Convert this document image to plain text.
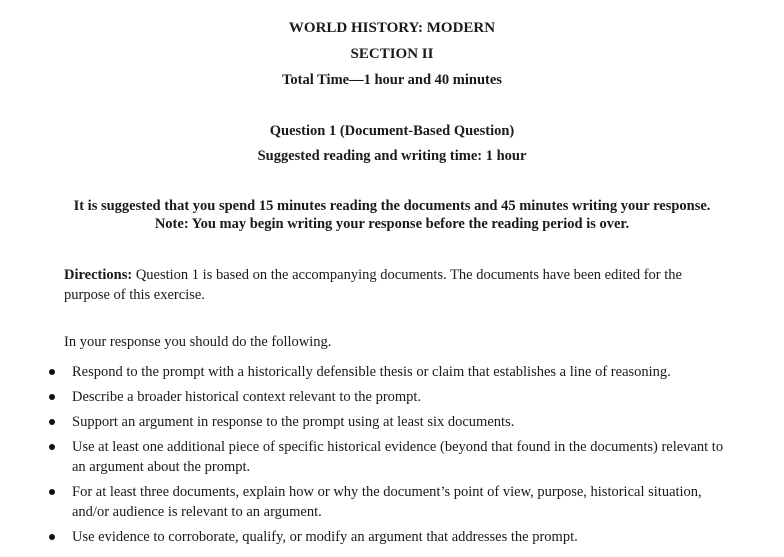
WORLD HISTORY: MODERN
SECTION II
Total Time—1 hour and 40 minutes
Question 1 (Document-Based Question)
Suggested reading and writing time: 1 hour
It is suggested that you spend 15 minutes reading the documents and 45 minutes writing your response.
Note: You may begin writing your response before the reading period is over.
Directions: Question 1 is based on the accompanying documents. The documents have been edited for the purpose of this exercise.
In your response you should do the following.
Respond to the prompt with a historically defensible thesis or claim that establishes a line of reasoning.
Describe a broader historical context relevant to the prompt.
Support an argument in response to the prompt using at least six documents.
Use at least one additional piece of specific historical evidence (beyond that found in the documents) relevant to an argument about the prompt.
For at least three documents, explain how or why the document’s point of view, purpose, historical situation, and/or audience is relevant to an argument.
Use evidence to corroborate, qualify, or modify an argument that addresses the prompt.
